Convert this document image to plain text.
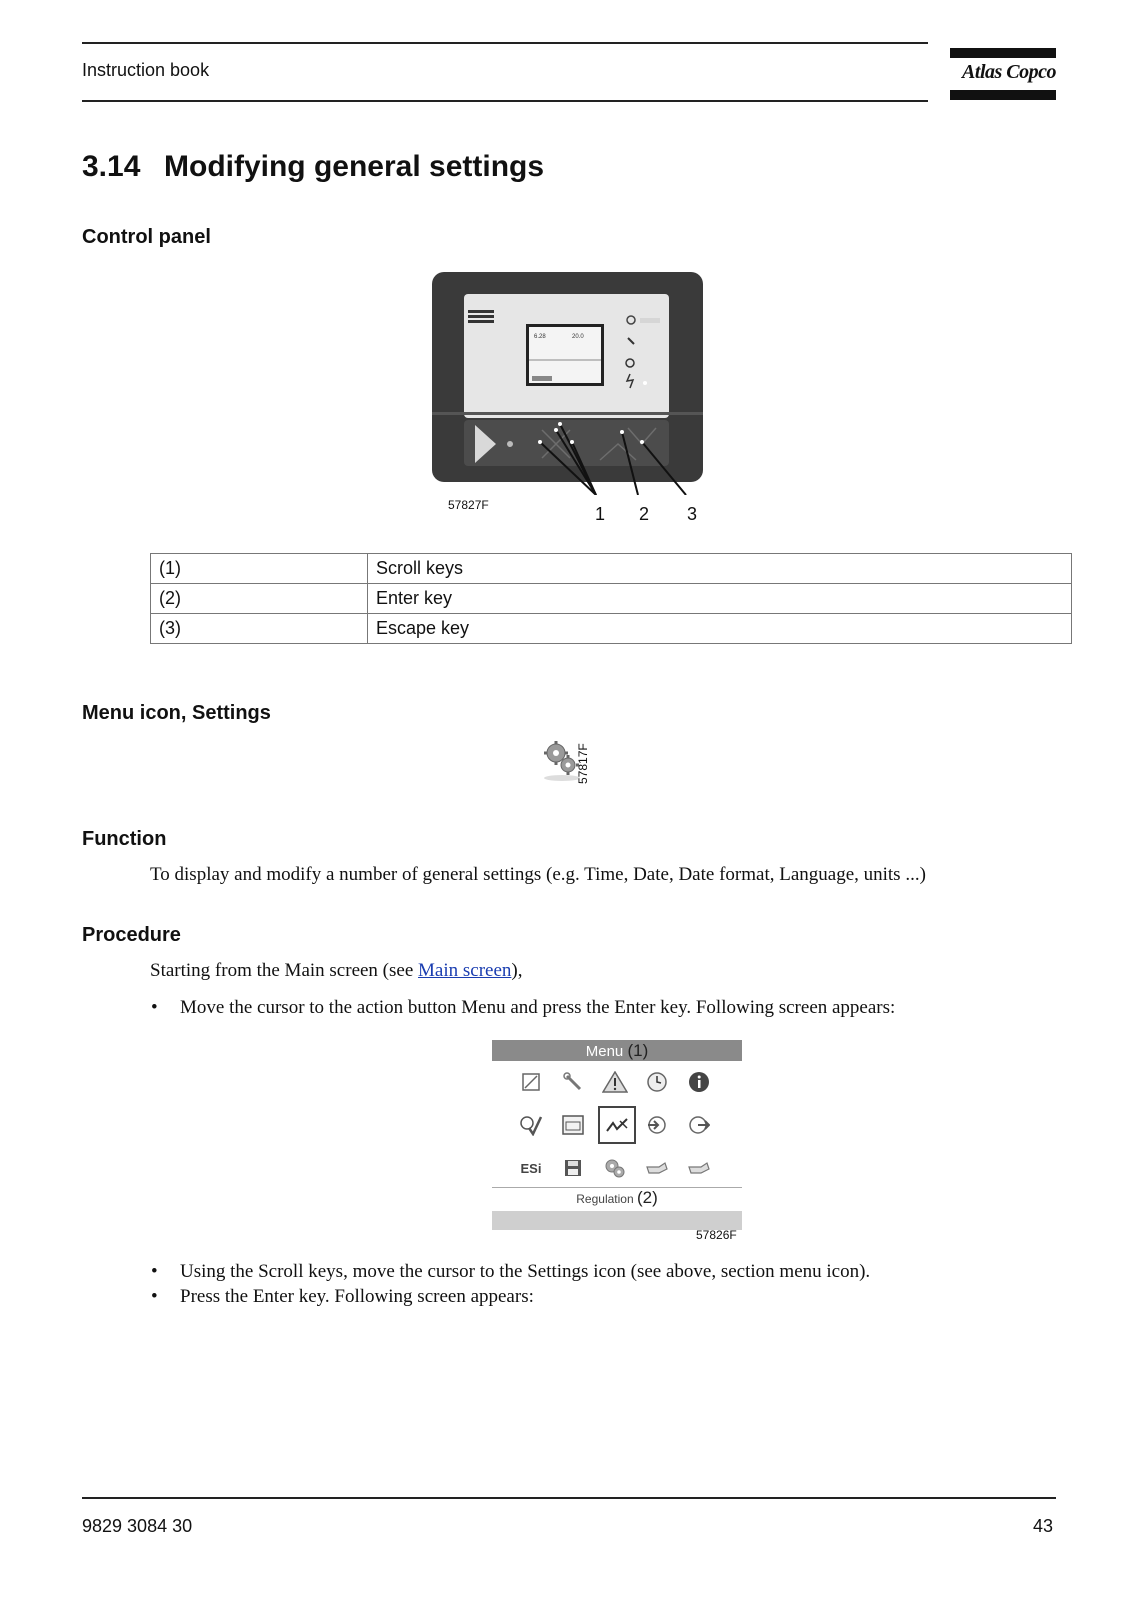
Instruction book	Atlas Copco
3.14 Modifying general settings
Control panel
6.28	20.0
57827F	1 2 3
(1)	Scroll keys
(2)	Enter key
(3)	Escape key
Menu icon, Settings
57817F
Function
To display and modify a number of general settings (e.g. Time, Date, Date format, Language, units ...)
Procedure
Starting from the Main screen (see Main screen),
• Move the cursor to the action button Menu and press the Enter key. Following screen appears:
Menu (1)
ESi
Regulation (2)
57826F
• Using the Scroll keys, move the cursor to the Settings icon (see above, section menu icon).
• Press the Enter key. Following screen appears:
9829 3084 30	43
